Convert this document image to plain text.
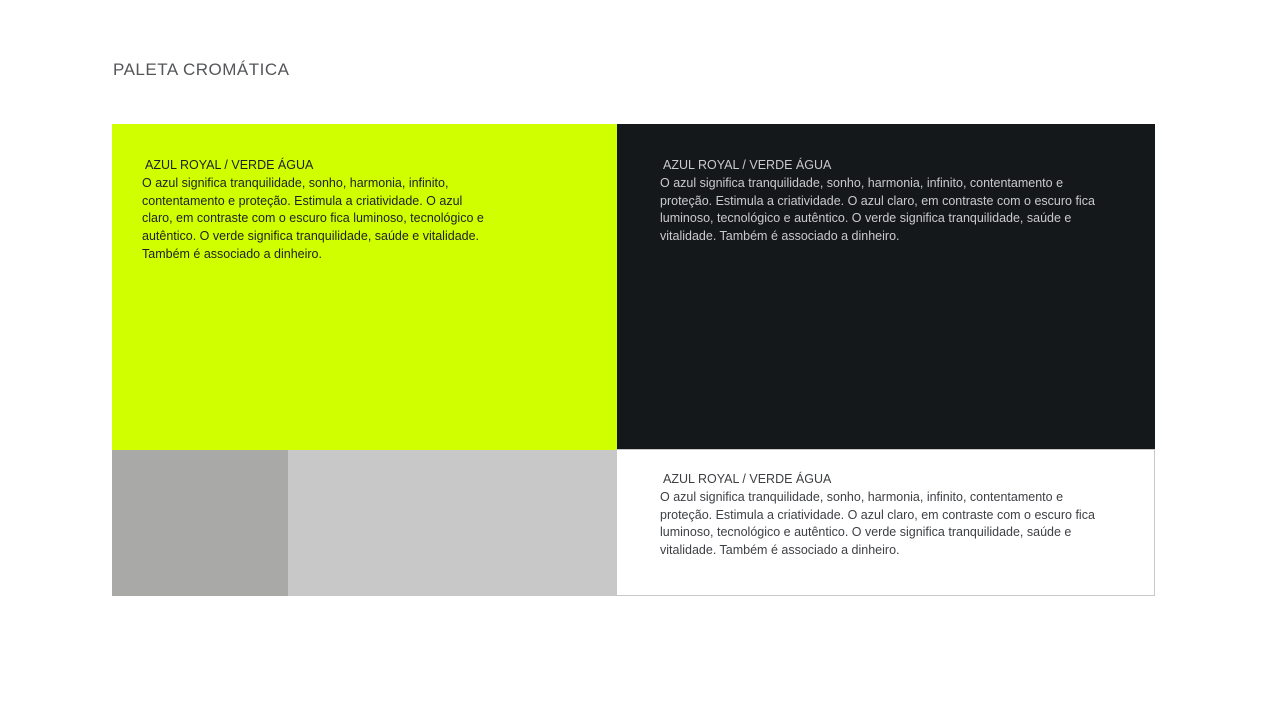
PALETA CROMÁTICA
AZUL ROYAL / VERDE ÁGUA
O azul significa tranquilidade, sonho, harmonia, infinito, contentamento e proteção. Estimula a criatividade. O azul claro, em contraste com o escuro fica luminoso, tecnológico e autêntico. O verde significa tranquilidade, saúde e vitalidade. Também é associado a dinheiro.
AZUL ROYAL / VERDE ÁGUA
O azul significa tranquilidade, sonho, harmonia, infinito, contentamento e proteção. Estimula a criatividade. O azul claro, em contraste com o escuro fica luminoso, tecnológico e autêntico. O verde significa tranquilidade, saúde e vitalidade. Também é associado a dinheiro.
AZUL ROYAL / VERDE ÁGUA
O azul significa tranquilidade, sonho, harmonia, infinito, contentamento e proteção. Estimula a criatividade. O azul claro, em contraste com o escuro fica luminoso, tecnológico e autêntico. O verde significa tranquilidade, saúde e vitalidade. Também é associado a dinheiro.
